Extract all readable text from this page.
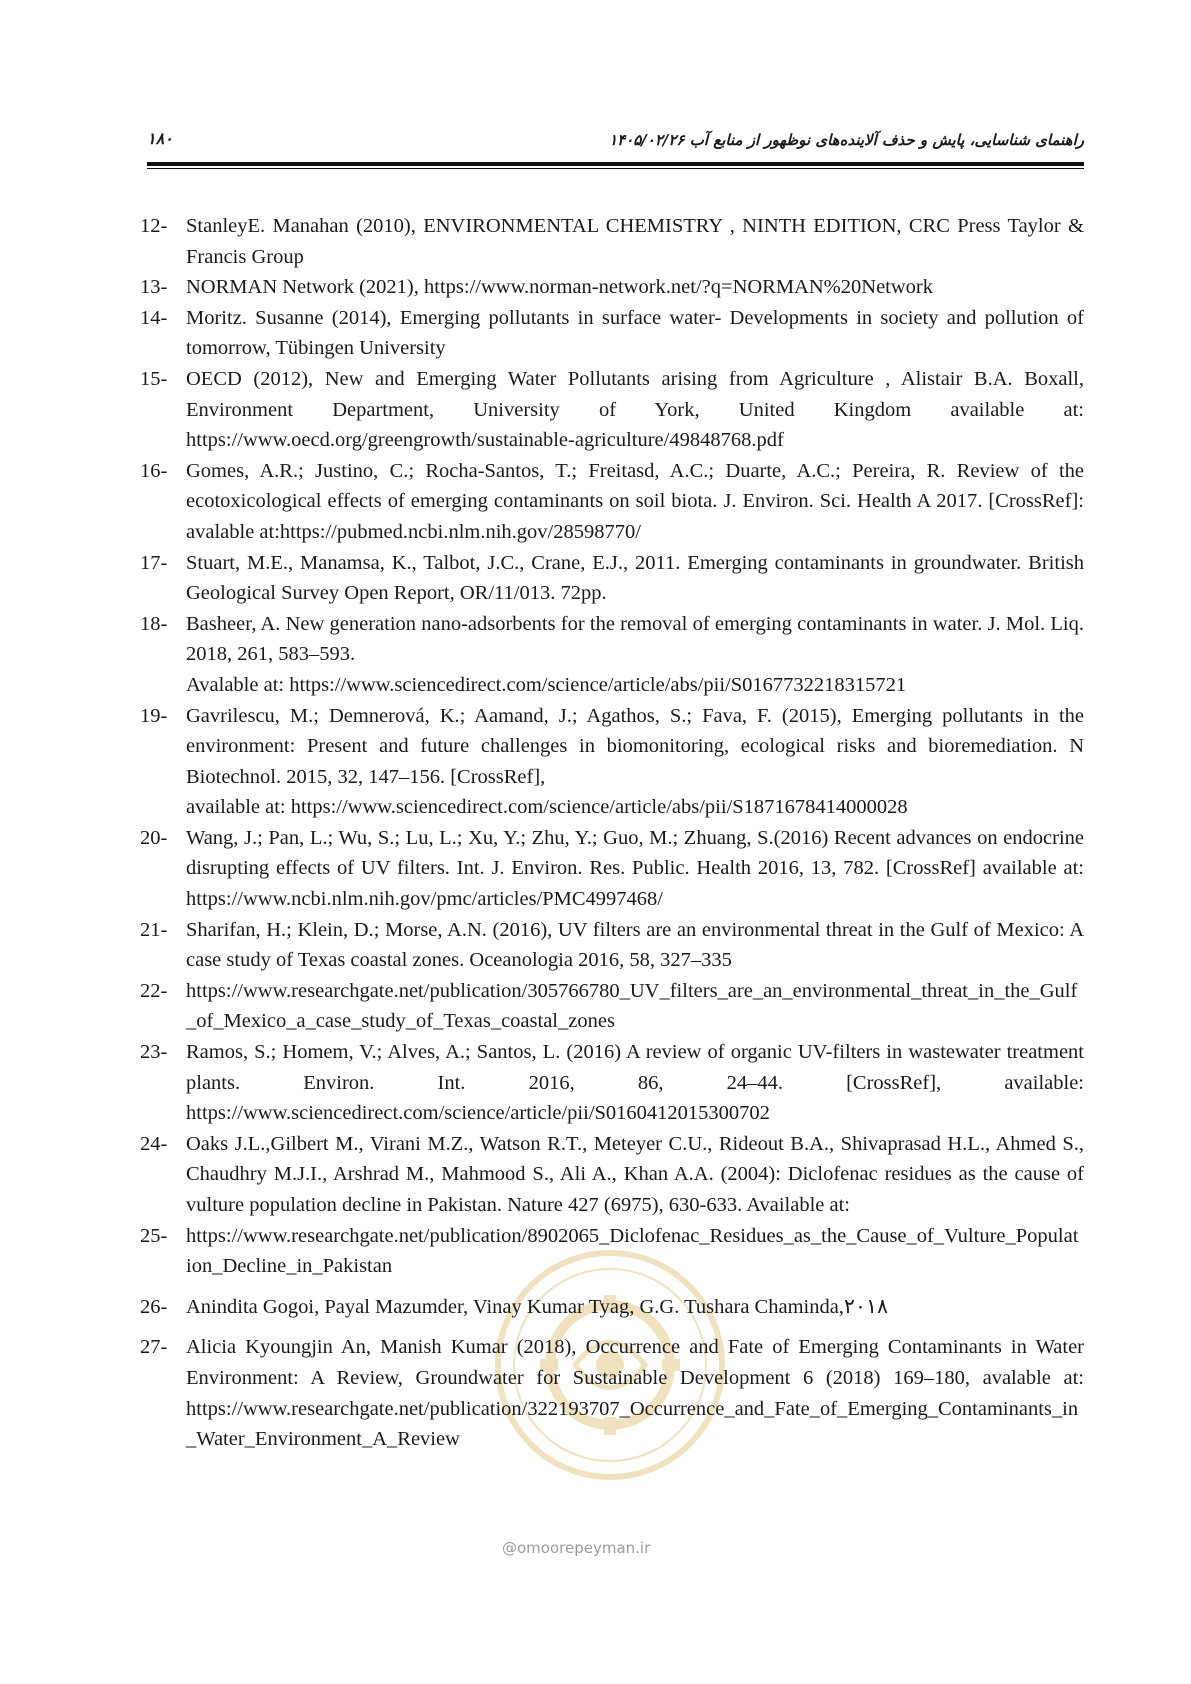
۱۸۰	راهنمای شناسایی، پایش و حذف آلاینده‌های نوظهور از منابع آب ۱۴۰۵/۰۲/۲۶
@omoorepeyman.ir
12- StanleyE. Manahan (2010), ENVIRONMENTAL CHEMISTRY , NINTH EDITION, CRC Press Taylor & Francis Group
13- NORMAN Network (2021), https://www.norman-network.net/?q=NORMAN%20Network
14- Moritz. Susanne (2014), Emerging pollutants in surface water- Developments in society and pollution of tomorrow, Tübingen University
15- OECD (2012), New and Emerging Water Pollutants arising from Agriculture , Alistair B.A. Boxall, Environment Department, University of York, United Kingdom available at: https://www.oecd.org/greengrowth/sustainable-agriculture/49848768.pdf
16- Gomes, A.R.; Justino, C.; Rocha-Santos, T.; Freitasd, A.C.; Duarte, A.C.; Pereira, R. Review of the ecotoxicological effects of emerging contaminants on soil biota. J. Environ. Sci. Health A 2017. [CrossRef]: avalable at:https://pubmed.ncbi.nlm.nih.gov/28598770/
17- Stuart, M.E., Manamsa, K., Talbot, J.C., Crane, E.J., 2011. Emerging contaminants in groundwater. British Geological Survey Open Report, OR/11/013. 72pp.
18- Basheer, A. New generation nano-adsorbents for the removal of emerging contaminants in water. J. Mol. Liq. 2018, 261, 583–593.
Avalable at: https://www.sciencedirect.com/science/article/abs/pii/S0167732218315721
19- Gavrilescu, M.; Demnerová, K.; Aamand, J.; Agathos, S.; Fava, F. (2015), Emerging pollutants in the environment: Present and future challenges in biomonitoring, ecological risks and bioremediation. N Biotechnol. 2015, 32, 147–156. [CrossRef],
available at: https://www.sciencedirect.com/science/article/abs/pii/S1871678414000028
20- Wang, J.; Pan, L.; Wu, S.; Lu, L.; Xu, Y.; Zhu, Y.; Guo, M.; Zhuang, S.(2016) Recent advances on endocrine disrupting effects of UV filters. Int. J. Environ. Res. Public. Health 2016, 13, 782. [CrossRef] available at: https://www.ncbi.nlm.nih.gov/pmc/articles/PMC4997468/
21- Sharifan, H.; Klein, D.; Morse, A.N. (2016), UV filters are an environmental threat in the Gulf of Mexico: A case study of Texas coastal zones. Oceanologia 2016, 58, 327–335
22- https://www.researchgate.net/publication/305766780_UV_filters_are_an_environmental_threat_in_the_Gulf_of_Mexico_a_case_study_of_Texas_coastal_zones
23- Ramos, S.; Homem, V.; Alves, A.; Santos, L. (2016) A review of organic UV-filters in wastewater treatment plants. Environ. Int. 2016, 86, 24–44. [CrossRef], available: https://www.sciencedirect.com/science/article/pii/S0160412015300702
24- Oaks J.L.,Gilbert M., Virani M.Z., Watson R.T., Meteyer C.U., Rideout B.A., Shivaprasad H.L., Ahmed S., Chaudhry M.J.I., Arshrad M., Mahmood S., Ali A., Khan A.A. (2004): Diclofenac residues as the cause of vulture population decline in Pakistan. Nature 427 (6975), 630-633. Available at:
25- https://www.researchgate.net/publication/8902065_Diclofenac_Residues_as_the_Cause_of_Vulture_Population_Decline_in_Pakistan
26- Anindita Gogoi, Payal Mazumder, Vinay Kumar Tyag, G.G. Tushara Chaminda,۲۰۱۸
27- Alicia Kyoungjin An, Manish Kumar (2018), Occurrence and Fate of Emerging Contaminants in Water Environment: A Review, Groundwater for Sustainable Development 6 (2018) 169–180, avalable at: https://www.researchgate.net/publication/322193707_Occurrence_and_Fate_of_Emerging_Contaminants_in_Water_Environment_A_Review
